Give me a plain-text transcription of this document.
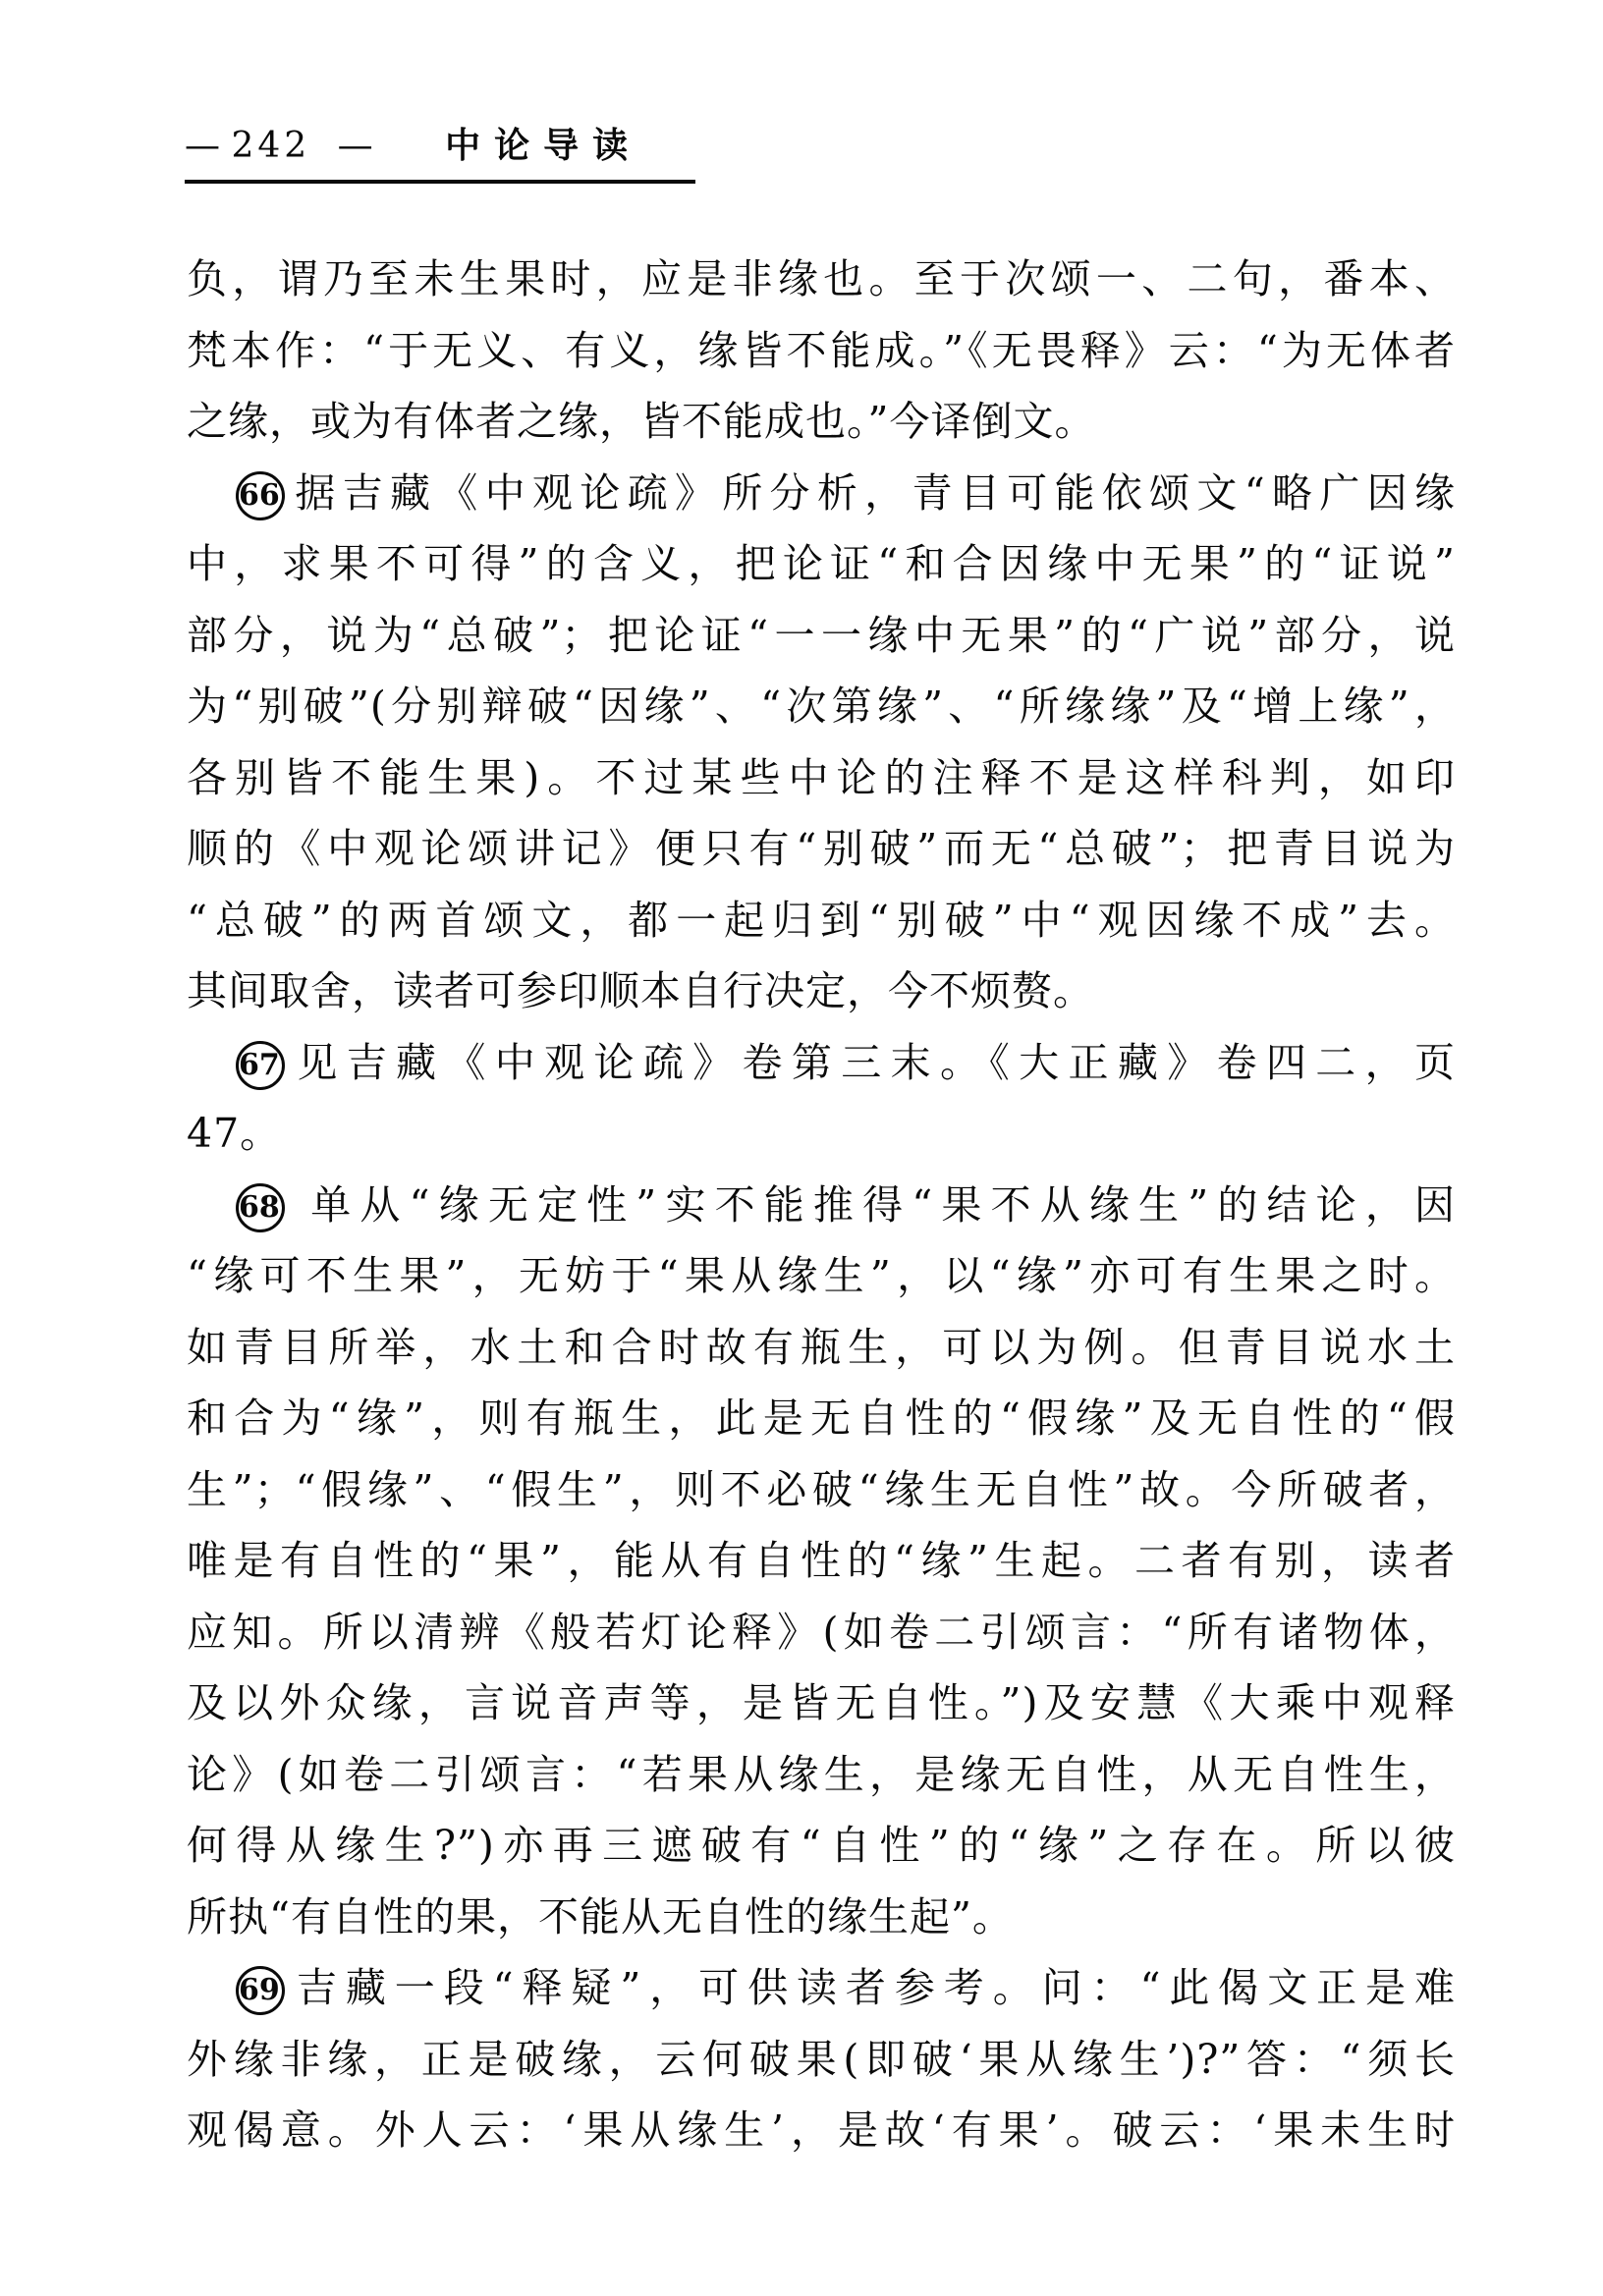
— 242 — 中论导读
负，谓乃至未生果时，应是非缘也。至于次颂一、二句，番本、
梵本作：“于无义、有义，缘皆不能成。”《无畏释》云：“为无体者
之缘，或为有体者之缘，皆不能成也。”今译倒文。
66 据吉藏《中观论疏》所分析，青目可能依颂文“略广因缘
中，求果不可得”的含义，把论证“和合因缘中无果”的“证说”
部分，说为“总破”；把论证“一一缘中无果”的“广说”部分，说
为“别破”(分别辩破“因缘”、“次第缘”、“所缘缘”及“增上缘”，
各别皆不能生果)。不过某些中论的注释不是这样科判，如印
顺的《中观论颂讲记》便只有“别破”而无“总破”；把青目说为
“总破”的两首颂文，都一起归到“别破”中“观因缘不成”去。
其间取舍，读者可参印顺本自行决定，今不烦赘。
67 见吉藏《中观论疏》卷第三末。《大正藏》卷四二，页
47。
68 单从“缘无定性”实不能推得“果不从缘生”的结论，因
“缘可不生果”，无妨于“果从缘生”，以“缘”亦可有生果之时。
如青目所举，水土和合时故有瓶生，可以为例。但青目说水土
和合为“缘”，则有瓶生，此是无自性的“假缘”及无自性的“假
生”；“假缘”、“假生”，则不必破“缘生无自性”故。今所破者，
唯是有自性的“果”，能从有自性的“缘”生起。二者有别，读者
应知。所以清辨《般若灯论释》(如卷二引颂言：“所有诸物体，
及以外众缘，言说音声等，是皆无自性。”)及安慧《大乘中观释
论》(如卷二引颂言：“若果从缘生，是缘无自性，从无自性生，
何得从缘生?”)亦再三遮破有“自性”的“缘”之存在。所以彼
所执“有自性的果，不能从无自性的缘生起”。
69 吉藏一段“释疑”，可供读者参考。问：“此偈文正是难
外缘非缘，正是破缘，云何破果(即破‘果从缘生’)?”答：“须长
观偈意。外人云：‘果从缘生’，是故‘有果’。破云：‘果未生时
